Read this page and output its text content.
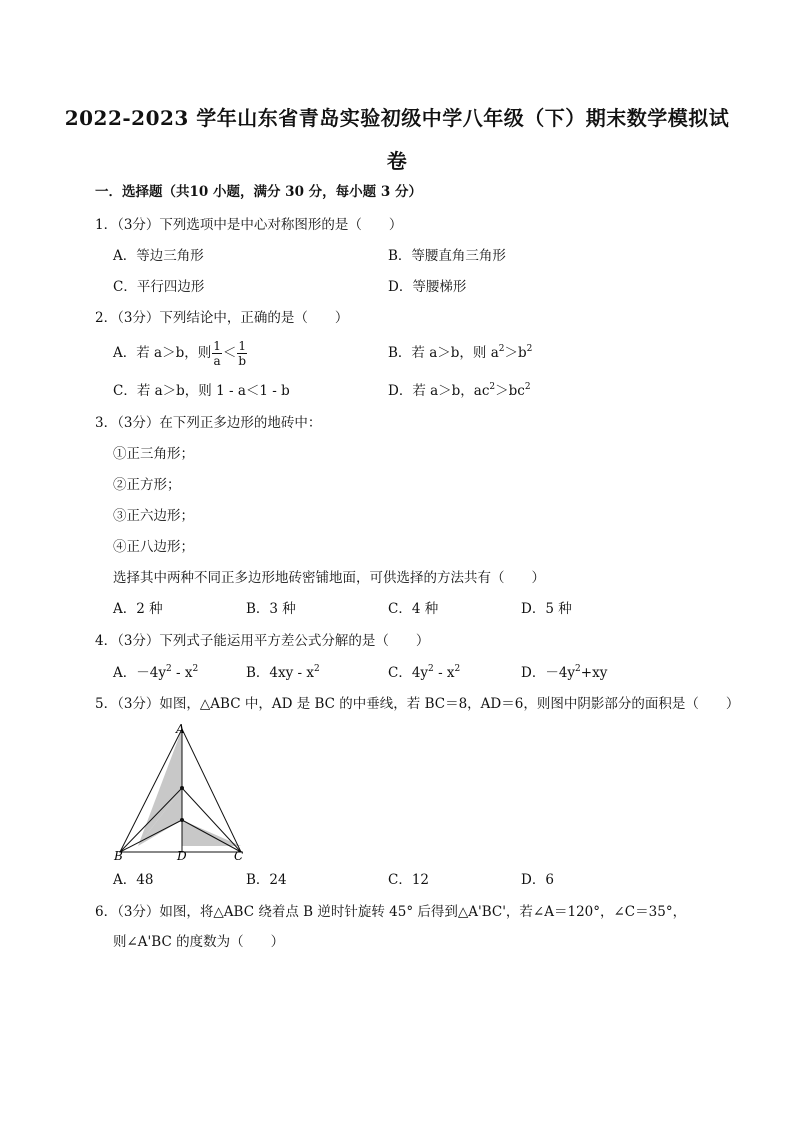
2022-2023 学年山东省青岛实验初级中学八年级（下）期末数学模拟试
卷
一．选择题（共10 小题，满分 30 分，每小题 3 分）
1．（3分）下列选项中是中心对称图形的是（　　）
A．等边三角形	B．等腰直角三角形
C．平行四边形	D．等腰梯形
2．（3分）下列结论中，正确的是（　　）
A．若 a＞b，则 $\frac{1}{a} < \frac{1}{b}$	B．若 a＞b，则 $a^2>b^2$
C．若 a＞b，则 1 - a＜1 - b	D．若 a＞b，$ac^2>bc^2$
3．（3分）在下列正多边形的地砖中：
①正三角形；
②正方形；
③正六边形；
④正八边形；
选择其中两种不同正多边形地砖密铺地面，可供选择的方法共有（　　）
A．2 种	B．3 种	C．4 种	D．5 种
4．（3分）下列式子能运用平方差公式分解的是（　　）
A．$-4y^2 - x^2$	B．$4xy - x^2$	C．$4y^2 - x^2$	D．$-4y^2+xy$
5．（3分）如图，△ABC 中，AD 是 BC 的中垂线，若 BC＝8，AD＝6，则图中阴影部分的面积是（　　）
A
B	D	C
A．48	B．24	C．12	D．6
6．（3分）如图，将△ABC 绕着点 B 逆时针旋转 45° 后得到△A'BC'，若∠A＝120°，∠C＝35°，
则∠A'BC 的度数为（　　）
